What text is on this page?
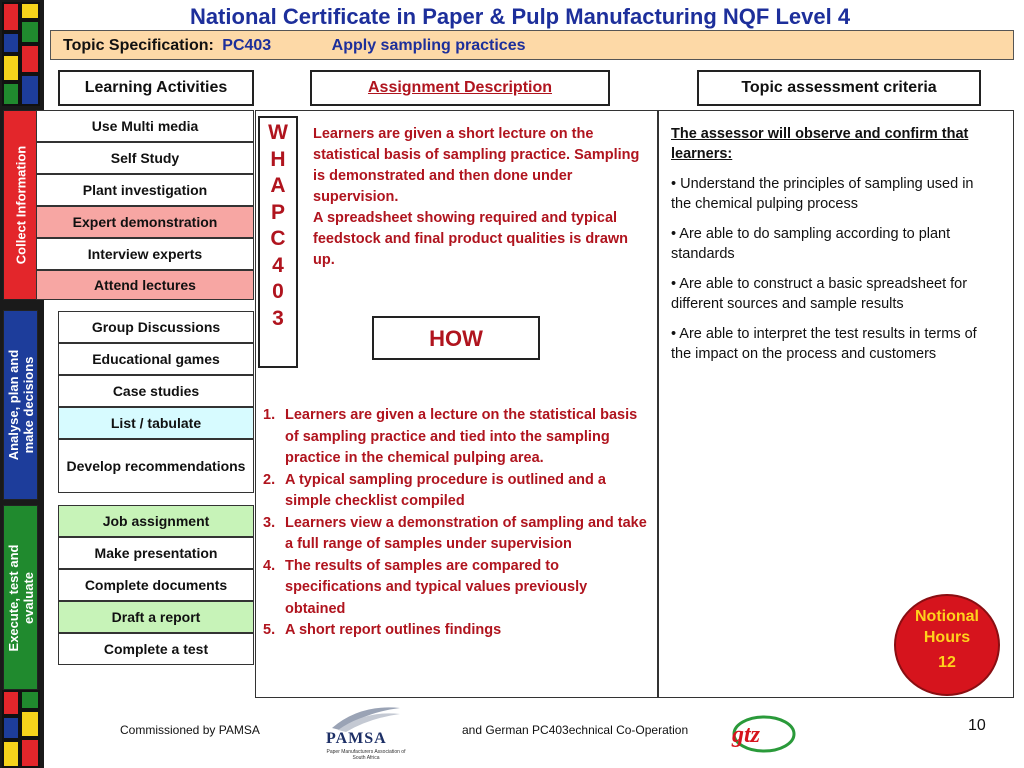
National Certificate in Paper & Pulp Manufacturing NQF Level 4
Topic Specification: PC403	Apply sampling practices
Learning Activities	Assignment Description	Topic assessment criteria
Collect Information
Analyse, plan and make decisions
Execute, test and evaluate
Use Multi media
Self Study
Plant investigation
Expert demonstration
Interview experts
Attend lectures
Group Discussions
Educational games
Case studies
List / tabulate
Develop recommendations
Job assignment
Make presentation
Complete documents
Draft a report
Complete a test
W
H
A
P
C
4
0
3
Learners are given a short lecture on the statistical basis of sampling practice. Sampling is demonstrated and then done under supervision.
A spreadsheet showing required and typical feedstock and final product qualities is drawn up.
HOW
1. Learners are given a lecture on the statistical basis of sampling practice and tied into the sampling practice in the chemical pulping area.
2. A typical sampling procedure is outlined and a simple checklist compiled
3. Learners view a demonstration of sampling and take a full range of samples under supervision
4. The results of samples are compared to specifications and typical values previously obtained
5. A short report outlines findings
The assessor will observe and confirm that learners:
• Understand the principles of sampling used in the chemical pulping process
• Are able to do sampling according to plant standards
• Are able to construct a basic spreadsheet for different sources and sample results
• Are able to interpret the test results in terms of the impact on the process and customers
Notional
Hours
12
Commissioned by PAMSA	PAMSA
Paper Manufacturers Association of South Africa
and German PC403echnical Co-Operation gtz	10
